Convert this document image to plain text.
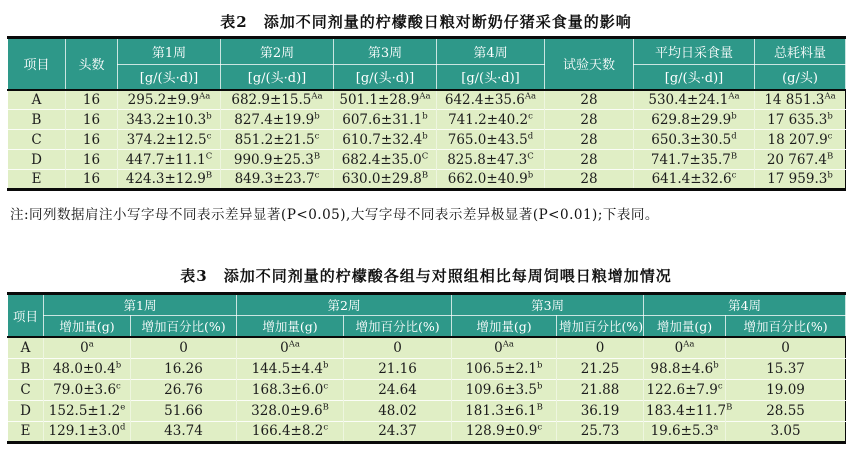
表2　添加不同剂量的柠檬酸日粮对断奶仔猪采食量的影响
项目	头数	第1周	第2周	第3周	第4周	试验天数	平均日采食量	总耗料量
		[g/(头·d)]	[g/(头·d)]	[g/(头·d)]	[g/(头·d)]		[g/(头·d)]	(g/头)
A	16	$295.2\pm 9.9^{Aa}$	$682.9\pm 15.5^{Aa}$	$501.1\pm 28.9^{Aa}$	$642.4\pm 35.6^{Aa}$	28	$530.4\pm 24.1^{Aa}$	14 $851.3^{Aa}$
B	16	343.2±10.3$^b$	827.4±19.9$^b$	607.6±31.1$^b$	741.2±40.2$^c$	28	629.8±29.9$^b$	17 635.3$^b$
C	16	374.2±12.5$^c$	851.2±21.5$^c$	610.7±32.4$^b$	765.0±43.5$^d$	28	650.3±30.5$^d$	18 207.9$^c$
D	16	$447.7\pm 11.1^C$	$990.9\pm 25.3^B$	$682.4\pm 35.0^C$	$825.8\pm 47.3^C$	28	$741.7\pm 35.7^B$	20 $767.4^B$
E	16	$424.3\pm 12.9^B$	849.3±23.7$^c$	$630.0\pm 29.8^B$	662.0±40.9$^b$	28	641.4±32.6$^c$	17 959.3$^b$
注:同列数据肩注小写字母不同表示差异显著(P<0.05),大写字母不同表示差异极显著(P<0.01);下表同。
表3　添加不同剂量的柠檬酸各组与对照组相比每周饲喂日粮增加情况
项目	第1周		第2周		第3周		第4周	
	增加量(g)	增加百分比(%)	增加量(g)	增加百分比(%)	增加量(g)	增加百分比(%)	增加量(g)	增加百分比(%)
A	0$^a$	0	$0^{Aa}$	0	$0^{Aa}$	0	$0^{Aa}$	0
B	48.0±0.4$^b$	16.26	144.5±4.4$^b$	21.16	106.5±2.1$^b$	21.25	98.8±4.6$^b$	15.37
C	79.0±3.6$^c$	26.76	168.3±6.0$^c$	24.64	109.6±3.5$^b$	21.88	122.6±7.9$^c$	19.09
D	152.5±1.2$^e$	51.66	$328.0\pm 9.6^B$	48.02	$181.3\pm 6.1^B$	36.19	$183.4\pm 11.7^B$	28.55
E	129.1±3.0$^d$	43.74	166.4±8.2$^c$	24.37	128.9±0.9$^c$	25.73	19.6±5.3$^a$	3.05
